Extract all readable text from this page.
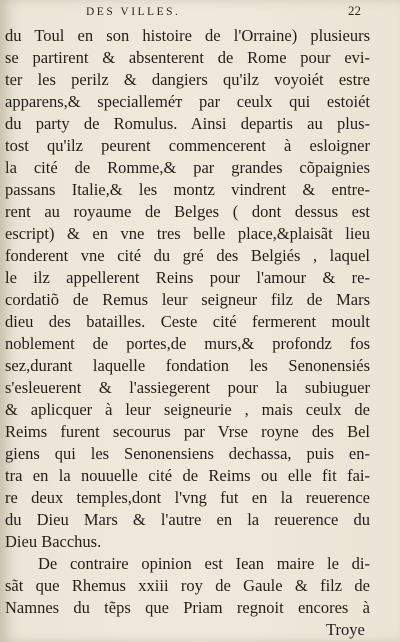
DES VILLES.	22
du Toul en son histoire de l'Orraine) plusieurs
se partirent & absenterent de Rome pour evi-
ter les perilz & dangiers qu'ilz voyoiét estre
apparens,& specialleméт par ceulx qui estoiét
du party de Romulus. Ainsi departis au plus-
tost qu'ilz peurent commencerent à esloigner
la cité de Romme,& par grandes cõpaignies
passans Italie,& les montz vindrent & entre-
rent au royaume de Belges ( dont dessus est
escript) & en vne tres belle place,&plaisãt lieu
fonderent vne cité du gré des Belgiés , laquel
le ilz appellerent Reins pour l'amour & re-
cordatiõ de Remus leur seigneur filz de Mars
dieu des batailles. Ceste cité fermerent moult
noblement de portes,de murs,& profondz fos
sez,durant laquelle fondation les Senonensiés
s'esleuerent & l'assiegerent pour la subiuguer
& aplicquer à leur seigneurie , mais ceulx de
Reims furent secourus par Vrse royne des Bel
giens qui les Senonensiens dechassa, puis en-
tra en la nouuelle cité de Reims ou elle fit fai-
re deux temples,dont l'vng fut en la reuerence
du Dieu Mars & l'autre en la reuerence du
Dieu Bacchus.
De contraire opinion est Iean maire le di-
sãt que Rhemus xxiii roy de Gaule & filz de
Namnes du tẽps que Priam regnoit encores à
Troye
